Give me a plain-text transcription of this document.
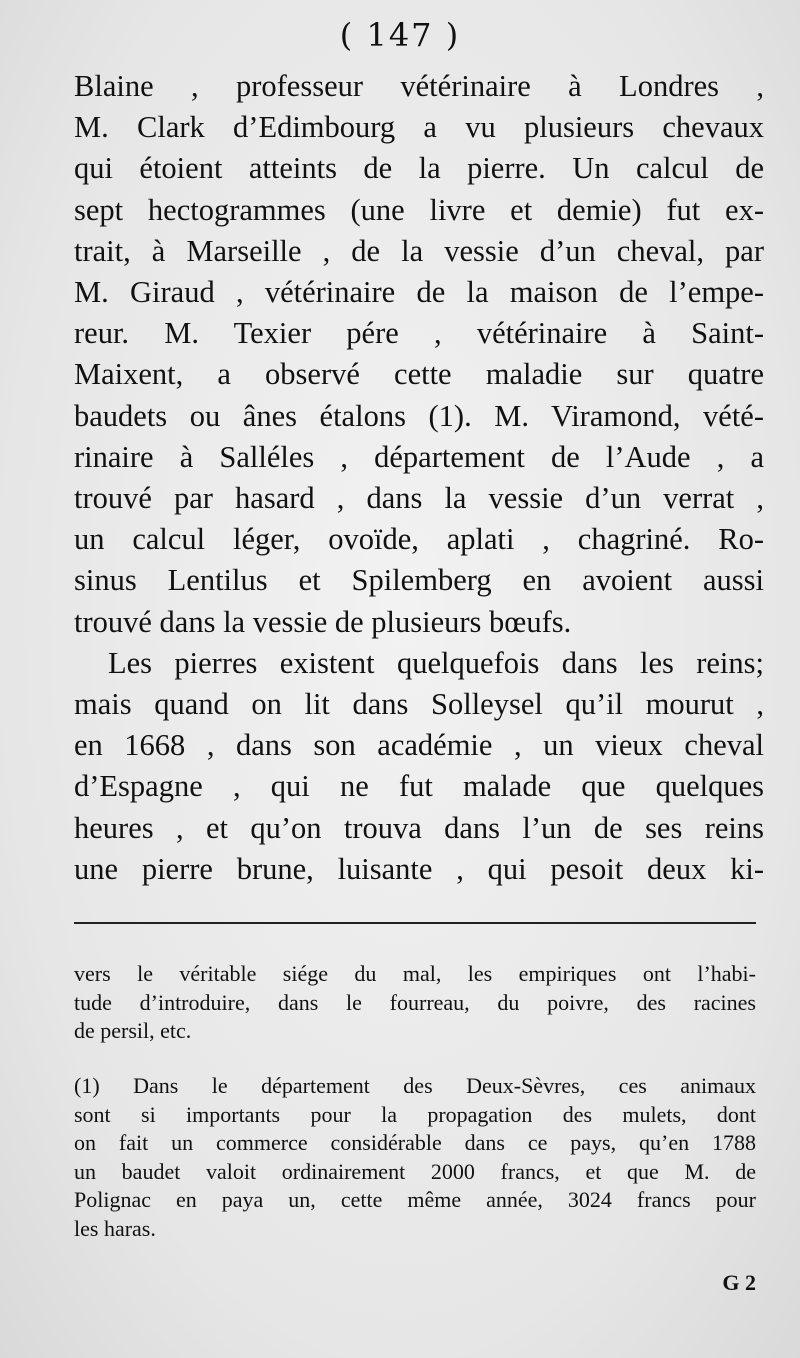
( 147 )
Blaine , professeur vétérinaire à Londres ,
M. Clark d’Edimbourg a vu plusieurs chevaux
qui étoient atteints de la pierre. Un calcul de
sept hectogrammes (une livre et demie) fut ex-
trait, à Marseille , de la vessie d’un cheval, par
M. Giraud , vétérinaire de la maison de l’empe-
reur. M. Texier pére , vétérinaire à Saint-
Maixent, a observé cette maladie sur quatre
baudets ou ânes étalons (1). M. Viramond, vété-
rinaire à Salléles , département de l’Aude , a
trouvé par hasard , dans la vessie d’un verrat ,
un calcul léger, ovoïde, aplati , chagriné. Ro-
sinus Lentilus et Spilemberg en avoient aussi
trouvé dans la vessie de plusieurs bœufs.
Les pierres existent quelquefois dans les reins;
mais quand on lit dans Solleysel qu’il mourut ,
en 1668 , dans son académie , un vieux cheval
d’Espagne , qui ne fut malade que quelques
heures , et qu’on trouva dans l’un de ses reins
une pierre brune, luisante , qui pesoit deux ki-
vers le véritable siége du mal, les empiriques ont l’habi-
tude d’introduire, dans le fourreau, du poivre, des racines
de persil, etc.
(1) Dans le département des Deux-Sèvres, ces animaux
sont si importants pour la propagation des mulets, dont
on fait un commerce considérable dans ce pays, qu’en 1788
un baudet valoit ordinairement 2000 francs, et que M. de
Polignac en paya un, cette même année, 3024 francs pour
les haras.
G 2
